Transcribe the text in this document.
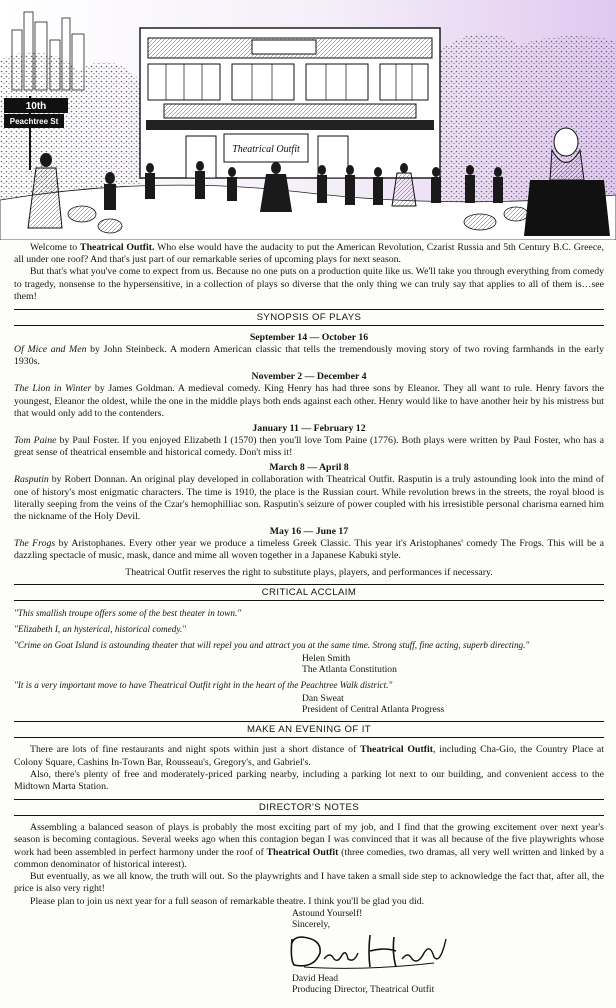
Theatrical Outfit
10th
Peachtree St

Welcome to Theatrical Outfit. Who else would have the audacity to put the American Revolution, Czarist Russia and 5th Century B.C. Greece, all under one roof? And that's just part of our remarkable series of upcoming plays for next season.

But that's what you've come to expect from us. Because no one puts on a production quite like us. We'll take you through everything from comedy to tragedy, nonsense to the hypersensitive, in a collection of plays so diverse that the only thing we can truly say that applies to all of them is…see them!

SYNOPSIS OF PLAYS
September 14 — October 16

Of Mice and Men by John Steinbeck. A modern American classic that tells the tremendously moving story of two roving farmhands in the early 1930s.

November 2 — December 4

The Lion in Winter by James Goldman. A medieval comedy. King Henry has had three sons by Eleanor. They all want to rule. Henry favors the youngest, Eleanor the oldest, while the one in the middle plays both ends against each other. Henry would like to have another heir by his mistress but that would only add to the contenders.

January 11 — February 12

Tom Paine by Paul Foster. If you enjoyed Elizabeth I (1570) then you'll love Tom Paine (1776). Both plays were written by Paul Foster, who has a great sense of theatrical ensemble and historical comedy. Don't miss it!

March 8 — April 8

Rasputin by Robert Donnan. An original play developed in collaboration with Theatrical Outfit. Rasputin is a truly astounding look into the mind of one of history's most enigmatic characters. The time is 1910, the place is the Russian court. While revolution brews in the streets, the royal blood is literally seeping from the veins of the Czar's hemophilliac son. Rasputin's seizure of power coupled with his irresistible personal charisma earned him the nickname of the Holy Devil.

May 16 — June 17

The Frogs by Aristophanes. Every other year we produce a timeless Greek Classic. This year it's Aristophanes' comedy The Frogs. This will be a dazzling spectacle of music, mask, dance and mime all woven together in a Japanese Kabuki style.

Theatrical Outfit reserves the right to substitute plays, players, and performances if necessary.
CRITICAL ACCLAIM
"This smallish troupe offers some of the best theater in town."
"Elizabeth I, an hysterical, historical comedy."
"Crime on Goat Island is astounding theater that will repel you and attract you at the same time. Strong stuff, fine acting, superb directing."
Helen Smith
The Atlanta Constitution
"It is a very important move to have Theatrical Outfit right in the heart of the Peachtree Walk district."
Dan Sweat
President of Central Atlanta Progress
MAKE AN EVENING OF IT

There are lots of fine restaurants and night spots within just a short distance of Theatrical Outfit, including Cha-Gio, the Country Place at Colony Square, Cashins In-Town Bar, Rousseau's, Gregory's, and Gabriel's.

Also, there's plenty of free and moderately-priced parking nearby, including a parking lot next to our building, and convenient access to the Midtown Marta Station.

DIRECTOR'S NOTES

Assembling a balanced season of plays is probably the most exciting part of my job, and I find that the growing excitement over next year's season is becoming contagious. Several weeks ago when this contagion began I was convinced that it was all because of the five playwrights whose work had been assembled in perfect harmony under the roof of Theatrical Outfit (three comedies, two dramas, all very well written and linked by a common denominator of historical interest).

But eventually, as we all know, the truth will out. So the playwrights and I have taken a small side step to acknowledge the fact that, after all, the price is also very right!

Please plan to join us next year for a full season of remarkable theatre. I think you'll be glad you did.

Astound Yourself!
Sincerely,
David Head
Producing Director, Theatrical Outfit
